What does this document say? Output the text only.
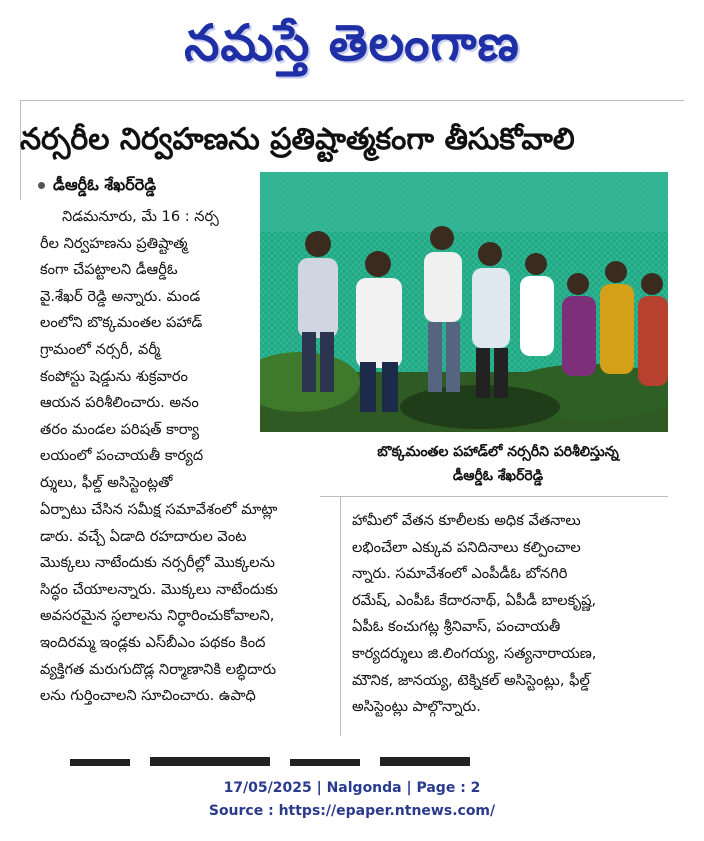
నమస్తే తెలంగాణ
నర్సరీల నిర్వహణను ప్రతిష్టాత్మకంగా తీసుకోవాలి
డీఆర్డీఓ శేఖర్‌రెడ్డి
నిడమనూరు, మే 16 : నర్స
రీల నిర్వహణను ప్రతిష్టాత్మ
కంగా చేపట్టాలని డీఆర్డీఓ
వై.శేఖర్ రెడ్డి అన్నారు. మండ
లంలోని బొక్కమంతల పహాడ్
గ్రామంలో నర్సరీ, వర్మీ
కంపోస్టు షెడ్డును శుక్రవారం
ఆయన పరిశీలించారు. అనం
తరం మండల పరిషత్ కార్యా
లయంలో పంచాయతీ కార్యద
ర్శులు, ఫీల్డ్ అసిస్టెంట్లతో
ఏర్పాటు చేసిన సమీక్ష సమావేశంలో మాట్లా
డారు. వచ్చే ఏడాది రహదారుల వెంట
మొక్కలు నాటేందుకు నర్సరీల్లో మొక్కలను
సిద్ధం చేయాలన్నారు. మొక్కలు నాటేందుకు
అవసరమైన స్థలాలను నిర్ధారించుకోవాలని,
ఇందిరమ్మ ఇండ్లకు ఎస్‌బీఎం పథకం కింద
వ్యక్తిగత మరుగుదొడ్ల నిర్మాణానికి లబ్ధిదారు
లను గుర్తించాలని సూచించారు. ఉపాధి
హామీలో వేతన కూలీలకు అధిక వేతనాలు
లభించేలా ఎక్కువ పనిదినాలు కల్పించాల
న్నారు. సమావేశంలో ఎంపీడీఓ బోనగిరి
రమేష్, ఎంపీఓ కేదారనాథ్, ఏపీడీ బాలకృష్ణ,
ఏపీఓ కంచుగట్ల శ్రీనివాస్, పంచాయతీ
కార్యదర్శులు జి.లింగయ్య, సత్యనారాయణ,
మౌనిక, జానయ్య, టెక్నికల్ అసిస్టెంట్లు, ఫీల్డ్
అసిస్టెంట్లు పాల్గొన్నారు.
బొక్కమంతల పహాడ్‌లో నర్సరీని పరిశీలిస్తున్న
డీఆర్డీఓ శేఖర్‌రెడ్డి
17/05/2025 | Nalgonda | Page : 2
Source : https://epaper.ntnews.com/
